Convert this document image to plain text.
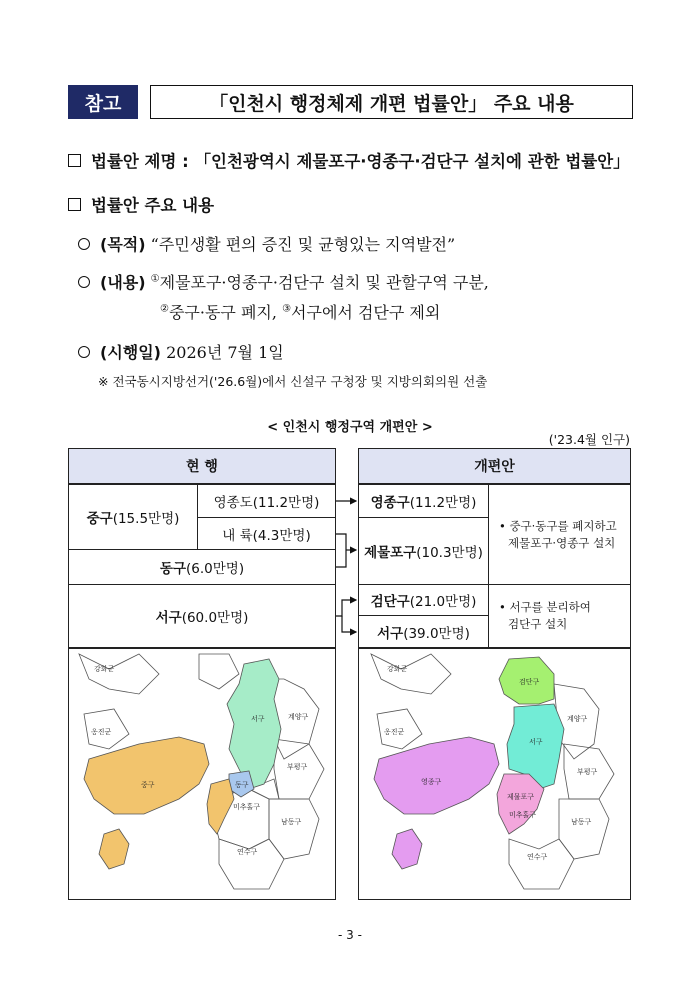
참고	「인천시 행정체제 개편 법률안」 주요 내용
법률안 제명 : 「인천광역시 제물포구·영종구·검단구 설치에 관한 법률안」
법률안 주요 내용
(목적) “주민생활 편의 증진 및 균형있는 지역발전”
(내용) ①제물포구·영종구·검단구 설치 및 관할구역 구분,
②중구·동구 폐지, ③서구에서 검단구 제외
(시행일) 2026년 7월 1일
※ 전국동시지방선거('26.6월)에서 신설구 구청장 및 지방의회의원 선출
< 인천시 행정구역 개편안 >
('23.4월 인구)
현 행
중구 (15.5만명)
영종도(11.2만명)
내 륙(4.3만명)
동구 (6.0만명)
서구 (60.0만명)
개편안
영종구 (11.2만명)
제물포구 (10.3만명)
• 중구·동구를 폐지하고
제물포구·영종구 설치
검단구 (21.0만명)
서구 (39.0만명)
• 서구를 분리하여
검단구 설치
중구
서구
동구
계양구
부평구
남동구
미추홀구
연수구
강화군
옹진군
영종구
검단구
서구
제물포구
계양구
부평구
남동구
미추홀구
연수구
강화군
옹진군
- 3 -
